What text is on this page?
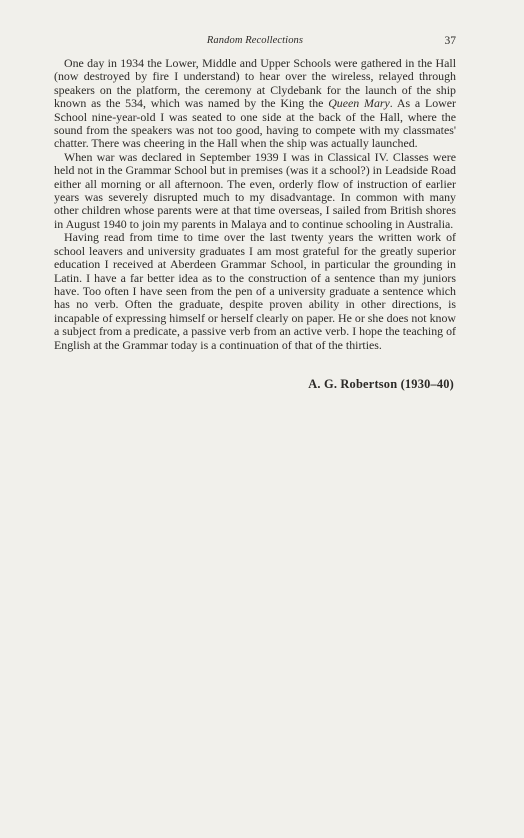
Random Recollections	37

One day in 1934 the Lower, Middle and Upper Schools were gathered in the Hall (now destroyed by fire I understand) to hear over the wireless, relayed through speakers on the platform, the ceremony at Clydebank for the launch of the ship known as the 534, which was named by the King the Queen Mary. As a Lower School nine-year-old I was seated to one side at the back of the Hall, where the sound from the speakers was not too good, having to compete with my classmates' chatter. There was cheering in the Hall when the ship was actually launched.

When war was declared in September 1939 I was in Classical IV. Classes were held not in the Grammar School but in premises (was it a school?) in Leadside Road either all morning or all afternoon. The even, orderly flow of instruction of earlier years was severely disrupted much to my disadvantage. In common with many other children whose parents were at that time overseas, I sailed from British shores in August 1940 to join my parents in Malaya and to continue schooling in Australia.

Having read from time to time over the last twenty years the written work of school leavers and university graduates I am most grateful for the greatly superior education I received at Aberdeen Grammar School, in particular the grounding in Latin. I have a far better idea as to the construction of a sentence than my juniors have. Too often I have seen from the pen of a university graduate a sentence which has no verb. Often the graduate, despite proven ability in other directions, is incapable of expressing himself or herself clearly on paper. He or she does not know a subject from a predicate, a passive verb from an active verb. I hope the teaching of English at the Grammar today is a continuation of that of the thirties.

A. G. Robertson (1930–40)
